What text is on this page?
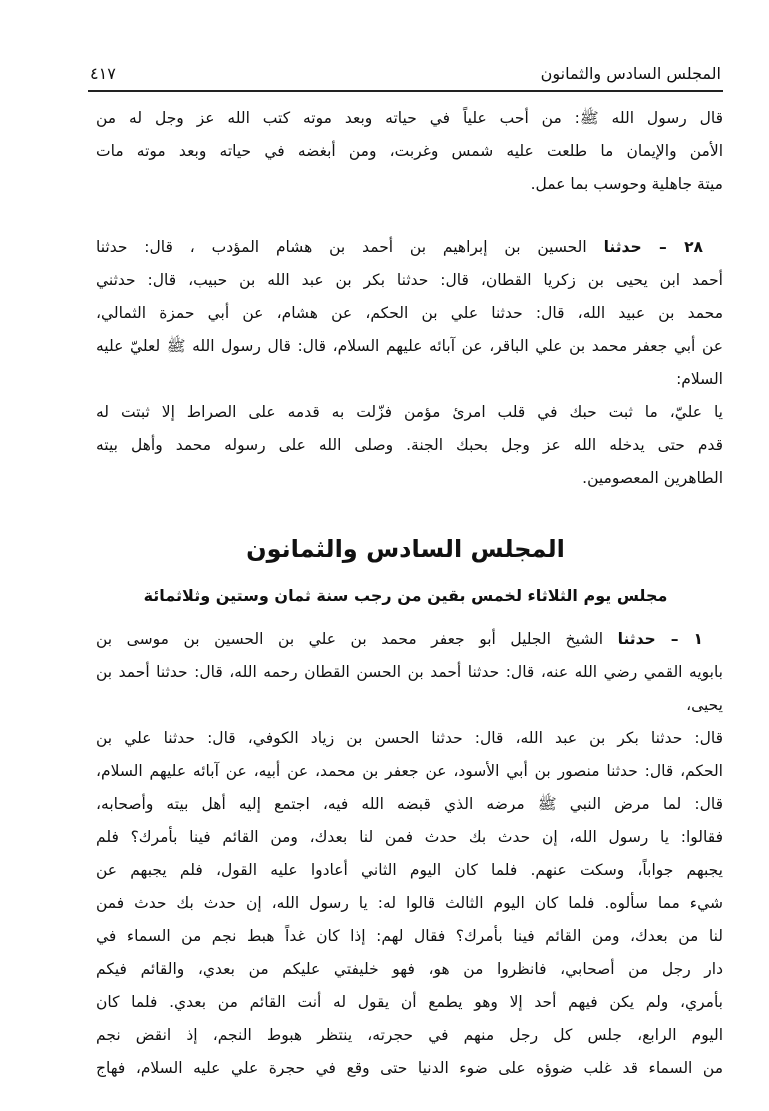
المجلس السادس والثمانون
٤١٧
قال رسول الله ﷺ: من أحب علياً في حياته وبعد موته كتب الله عز وجل له من
الأمن والإيمان ما طلعت عليه شمس وغربت، ومن أبغضه في حياته وبعد موته مات
ميتة جاهلية وحوسب بما عمل.
٢٨ – حدثنا الحسين بن إبراهيم بن أحمد بن هشام المؤدب ، قال: حدثنا
أحمد ابن يحيى بن زكريا القطان، قال: حدثنا بكر بن عبد الله بن حبيب، قال: حدثني
محمد بن عبيد الله، قال: حدثنا علي بن الحكم، عن هشام، عن أبي حمزة الثمالي،
عن أبي جعفر محمد بن علي الباقر، عن آبائه عليهم السلام، قال: قال رسول الله ﷺ لعليّ عليه السلام:
يا عليّ، ما ثبت حبك في قلب امرئ مؤمن فزّلت به قدمه على الصراط إلا ثبتت له
قدم حتى يدخله الله عز وجل بحبك الجنة. وصلى الله على رسوله محمد وأهل بيته
الطاهرين المعصومين.
المجلس السادس والثمانون
مجلس يوم الثلاثاء لخمس بقين من رجب سنة ثمان وستين وثلاثمائة
١ – حدثنا الشيخ الجليل أبو جعفر محمد بن علي بن الحسين بن موسى بن
بابويه القمي رضي الله عنه، قال: حدثنا أحمد بن الحسن القطان رحمه الله، قال: حدثنا أحمد بن يحيى،
قال: حدثنا بكر بن عبد الله، قال: حدثنا الحسن بن زياد الكوفي، قال: حدثنا علي بن
الحكم، قال: حدثنا منصور بن أبي الأسود، عن جعفر بن محمد، عن أبيه، عن آبائه عليهم السلام،
قال: لما مرض النبي ﷺ مرضه الذي قبضه الله فيه، اجتمع إليه أهل بيته وأصحابه،
فقالوا: يا رسول الله، إن حدث بك حدث فمن لنا بعدك، ومن القائم فينا بأمرك؟ فلم
يجبهم جواباً، وسكت عنهم. فلما كان اليوم الثاني أعادوا عليه القول، فلم يجبهم عن
شيء مما سألوه. فلما كان اليوم الثالث قالوا له: يا رسول الله، إن حدث بك حدث فمن
لنا من بعدك، ومن القائم فينا بأمرك؟ فقال لهم: إذا كان غداً هبط نجم من السماء في
دار رجل من أصحابي، فانظروا من هو، فهو خليفتي عليكم من بعدي، والقائم فيكم
بأمري، ولم يكن فيهم أحد إلا وهو يطمع أن يقول له أنت القائم من بعدي. فلما كان
اليوم الرابع، جلس كل رجل منهم في حجرته، ينتظر هبوط النجم، إذ انقض نجم
من السماء قد غلب ضوؤه على ضوء الدنيا حتى وقع في حجرة علي عليه السلام، فهاج
